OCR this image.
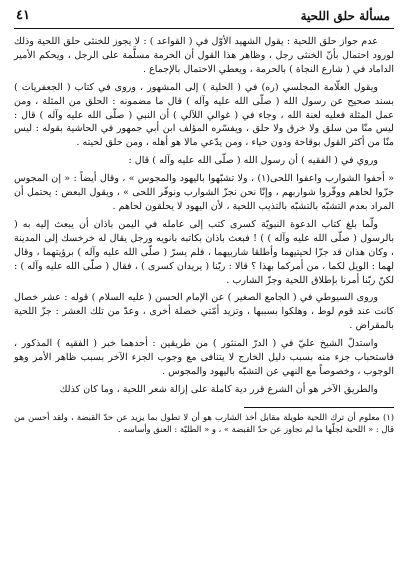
مسألة حلق اللحية
٤١

عدم جواز حلق اللحية : يقول الشهيد الأوّل في ( القواعد ) : لا يجوز للخنثى حلق اللحية وذلك لورود احتمال بأنّ الخنثى رجل ، وظاهر هذا القول أن الحرمة مسلَّمة على الرجل ، ويحكم الأمير الداماد في ( شارع النجاة ) بالحرمة ، ويعطي الاحتمال بالإجماع .

ويقول العلّامة المجلسي (ره) في ( الحلية ) إلى المشهور ، وروى في كتاب ( الجعفريات ) بسند صحيح عن رسول الله ( صلّى الله عليه وآله ) قال ما مضمونه : الحلق من المثلة ، ومن عمل المثلة فعليه لعنة الله ، وجاء في ( غوالي اللآلي ) أن النبي ( صلّى الله عليه وآله ) قال : ليس منّا من سلق ولا خرق ولا حلق ، ويفسّره المؤلف ابن أبي جمهور في الحاشية بقوله : ليس منّا من أكثر القول بوقاحة ودون حياء ، ومن يدّعي مالا هو أهله ، ومن حلق لحيته .

وروي في ( الفقيه ) أن رسول الله ( صلّى الله عليه وآله ) قال :

« أحفوا الشوارب واعفوا اللحى(١) ، ولا تشبّهوا باليهود والمجوس » ، وقال أيضاً : « إن المجوس جزّوا لحاهم ووفّروا شواربهم ، وإنّا نحن نجزّ الشوارب ونوفّر اللحى » ، ويقول البعض : يحتمل أن المراد بعدم التشبّه بالتشبّه بالتذيب اللحية ، لأن اليهود لا يحلقون لحاهم .

ولّما بلغ كتاب الدعوة النبويّة كسرى كتب إلى عامله في اليمن باذان أن يبعث إليه به ( بالرسول ( صلّى الله عليه وآله ) ) ! فبعث باذان بكاتبه بانويه ورجل يقال له خرخسك إلى المدينة ، وكان هذان قد جزّا لحيتيهما وأطلقا شاربيهما ، فلم يسرّ ( صلّى الله عليه وآله ) برؤيتهما ، وقال لهما : الويل لكما ، من أمركما بهذا ؟ قالا : ربّنا ( يريدان كسرى ) ، فقال ( صلّى الله عليه وآله ) : لكنّ ربّنا أمرنا بإطلاق اللحية وجزّ الشارب .

وروى السيوطي في ( الجامع الصغير ) عن الإمام الحسن ( عليه السلام ) قوله : عشر خصال كانت عند قوم لوط ، وهلكوا بسببها ، وتزيد أمّتي خصلة أخرى ، وعدّ من تلك العشر : جزّ اللحية بالمقراض .

واستدلّ الشيخ عليّ في ( الدرّ المنثور ) من طريقين : أحدهما خبر ( الفقيه ) المذكور ، فاستحباب جزء منه بسبب دليل الخارج لا يتنافى مع وجوب الجزء الآخر بسبب ظاهر الأمر وهو الوجوب ، وخصوصاً مع النهي عن التشبّه باليهود والمجوس .

والطريق الآخر هو أن الشرع قرر دية كاملة على إزالة شعر اللحية ، وما كان كذلك

(١) معلوم أن ترك اللحية طويلة مقابل أخذ الشارب هو أن لا تطول بما يزيد عن حدّ القبضة ، ولقد أحسن من قال : « اللحية لجلّها ما لم تجاوز عن حدّ القبضة » ، و « الطليّة : العنق وأساسه .
